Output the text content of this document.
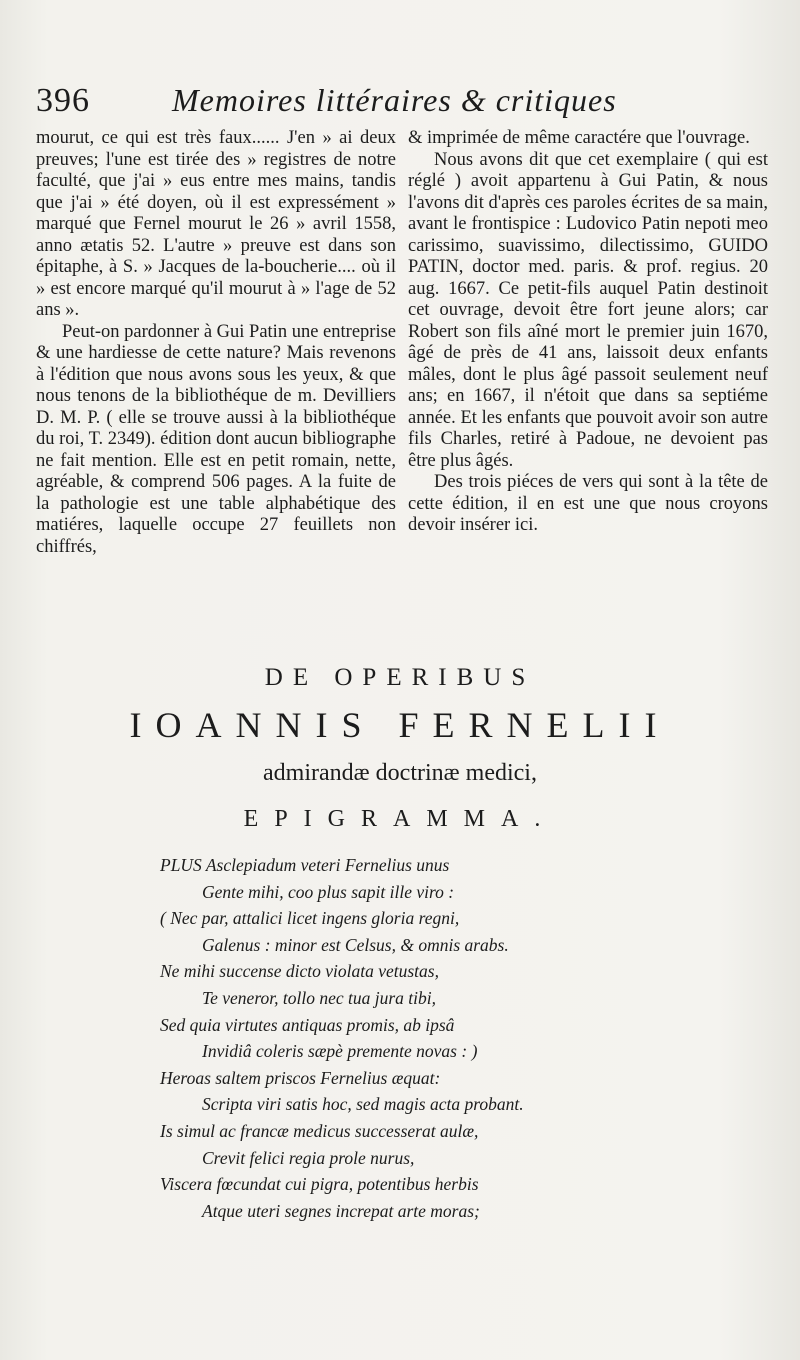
396	Memoires littéraires & critiques

mourut, ce qui est très faux...... J'en » ai deux preuves; l'une est tirée des » registres de notre faculté, que j'ai » eus entre mes mains, tandis que j'ai » été doyen, où il est expressément » marqué que Fernel mourut le 26 » avril 1558, anno ætatis 52. L'autre » preuve est dans son épitaphe, à S. » Jacques de la-boucherie.... où il » est encore marqué qu'il mourut à » l'age de 52 ans ».

Peut-on pardonner à Gui Patin une entreprise & une hardiesse de cette nature? Mais revenons à l'édition que nous avons sous les yeux, & que nous tenons de la bibliothéque de m. Devilliers D. M. P. ( elle se trouve aussi à la bibliothéque du roi, T. 2349). édition dont aucun bibliographe ne fait mention. Elle est en petit romain, nette, agréable, & comprend 506 pages. A la fuite de la pathologie est une table alphabétique des matiéres, laquelle occupe 27 feuillets non chiffrés,

& imprimée de même caractére que l'ouvrage.

Nous avons dit que cet exemplaire ( qui est réglé ) avoit appartenu à Gui Patin, & nous l'avons dit d'après ces paroles écrites de sa main, avant le frontispice : Ludovico Patin nepoti meo carissimo, suavissimo, dilectissimo, GUIDO PATIN, doctor med. paris. & prof. regius. 20 aug. 1667. Ce petit-fils auquel Patin destinoit cet ouvrage, devoit être fort jeune alors; car Robert son fils aîné mort le premier juin 1670, âgé de près de 41 ans, laissoit deux enfants mâles, dont le plus âgé passoit seulement neuf ans; en 1667, il n'étoit que dans sa septiéme année. Et les enfants que pouvoit avoir son autre fils Charles, retiré à Padoue, ne devoient pas être plus âgés.

Des trois piéces de vers qui sont à la tête de cette édition, il en est une que nous croyons devoir insérer ici.

DE OPERIBUS
IOANNIS FERNELII
admirandæ doctrinæ medici,
EPIGRAMMA.
PLUS Asclepiadum veteri Fernelius unus
Gente mihi, coo plus sapit ille viro :
( Nec par, attalici licet ingens gloria regni,
Galenus : minor est Celsus, & omnis arabs.
Ne mihi succense dicto violata vetustas,
Te veneror, tollo nec tua jura tibi,
Sed quia virtutes antiquas promis, ab ipsâ
Invidiâ coleris sæpè premente novas : )
Heroas saltem priscos Fernelius æquat:
Scripta viri satis hoc, sed magis acta probant.
Is simul ac francæ medicus successerat aulæ,
Crevit felici regia prole nurus,
Viscera fœcundat cui pigra, potentibus herbis
Atque uteri segnes increpat arte moras;
